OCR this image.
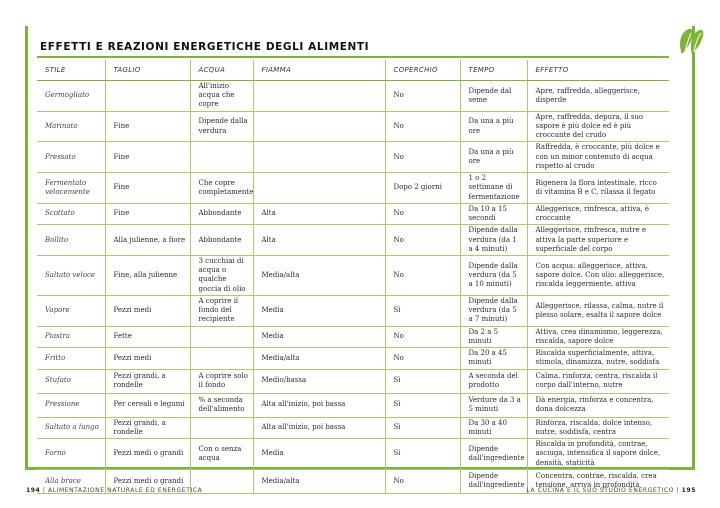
EFFETTI E REAZIONI ENERGETICHE DEGLI ALIMENTI
STILE	TAGLIO	ACQUA	FIAMMA	COPERCHIO	TEMPO	EFFETTO
Germogliato		All'inizio acqua che copre		No	Dipende dal seme	Apre, raffredda, alleggerisce, disperde
Marinato	Fine	Dipende dalla verdura		No	Da una a più ore	Apre, raffredda, depura, il suo sapore è più dolce ed è più croccante del crudo
Pressato	Fine			No	Da una a più ore	Raffredda, è croccante, più dolce e con un minor contenuto di acqua rispetto al crudo
Fermentato velocemente	Fine	Che copre completamente		Dopo 2 giorni	1 o 2 settimane di fermentazione	Rigenera la flora intestinale, ricco di vitamina B e C, rilassa il fegato
Scottato	Fine	Abbondante	Alta	No	Da 10 a 15 secondi	Alleggerisce, rinfresca, attiva, è croccante
Bollito	Alla julienne, a fiore	Abbondante	Alta	No	Dipende dalla verdura (da 1 a 4 minuti)	Alleggerisce, rinfresca, nutre e attiva la parte superiore e superficiale del corpo
Saltato veloce	Fine, alla julienne	3 cucchiai di acqua o qualche goccia di olio	Media/alta	No	Dipende dalla verdura (da 5 a 10 minuti)	Con acqua: alleggerisce, attiva, sapore dolce. Con olio: alleggerisce, riscalda leggermente, attiva
Vapore	Pezzi medi	A coprire il fondo del recipiente	Media	Sì	Dipende dalla verdura (da 5 a 7 minuti)	Alleggerisce, rilassa, calma, nutre il plesso solare, esalta il sapore dolce
Piastra	Fette		Media	No	Da 2 a 5 minuti	Attiva, crea dinamismo, leggerezza, riscalda, sapore dolce
Fritto	Pezzi medi		Media/alta	No	Da 20 a 45 minuti	Riscalda superficialmente, attiva, stimola, dinamizza, nutre, soddisfa
Stufato	Pezzi grandi, a rondelle	A coprire solo il fondo	Medio/bassa	Sì	A seconda del prodotto	Calma, rinforza, centra, riscalda il corpo dall'interno, nutre
Pressione	Per cereali e legumi	% a seconda dell'alimento	Alta all'inizio, poi bassa	Sì	Verdure da 3 a 5 minuti	Dà energia, rinforza e concentra, dona dolcezza
Saltato a lungo	Pezzi grandi, a rondelle		Alta all'inizio, poi bassa	Sì	Da 30 a 40 minuti	Rinforza, riscalda, dolce intenso, nutre, soddisfa, centra
Forno	Pezzi medi o grandi	Con o senza acqua	Media	Sì	Dipende dall'ingrediente	Riscalda in profondità, contrae, asciuga, intensifica il sapore dolce, densità, staticità
Alla brace	Pezzi medi o grandi		Media/alta	No	Dipende dall'ingrediente	Concentra, contrae, riscalda, crea tensione, arriva in profondità
194 | ALIMENTAZIONE NATURALE ED ENERGETICA	LA CUCINA E IL SUO STUDIO ENERGETICO | 195
